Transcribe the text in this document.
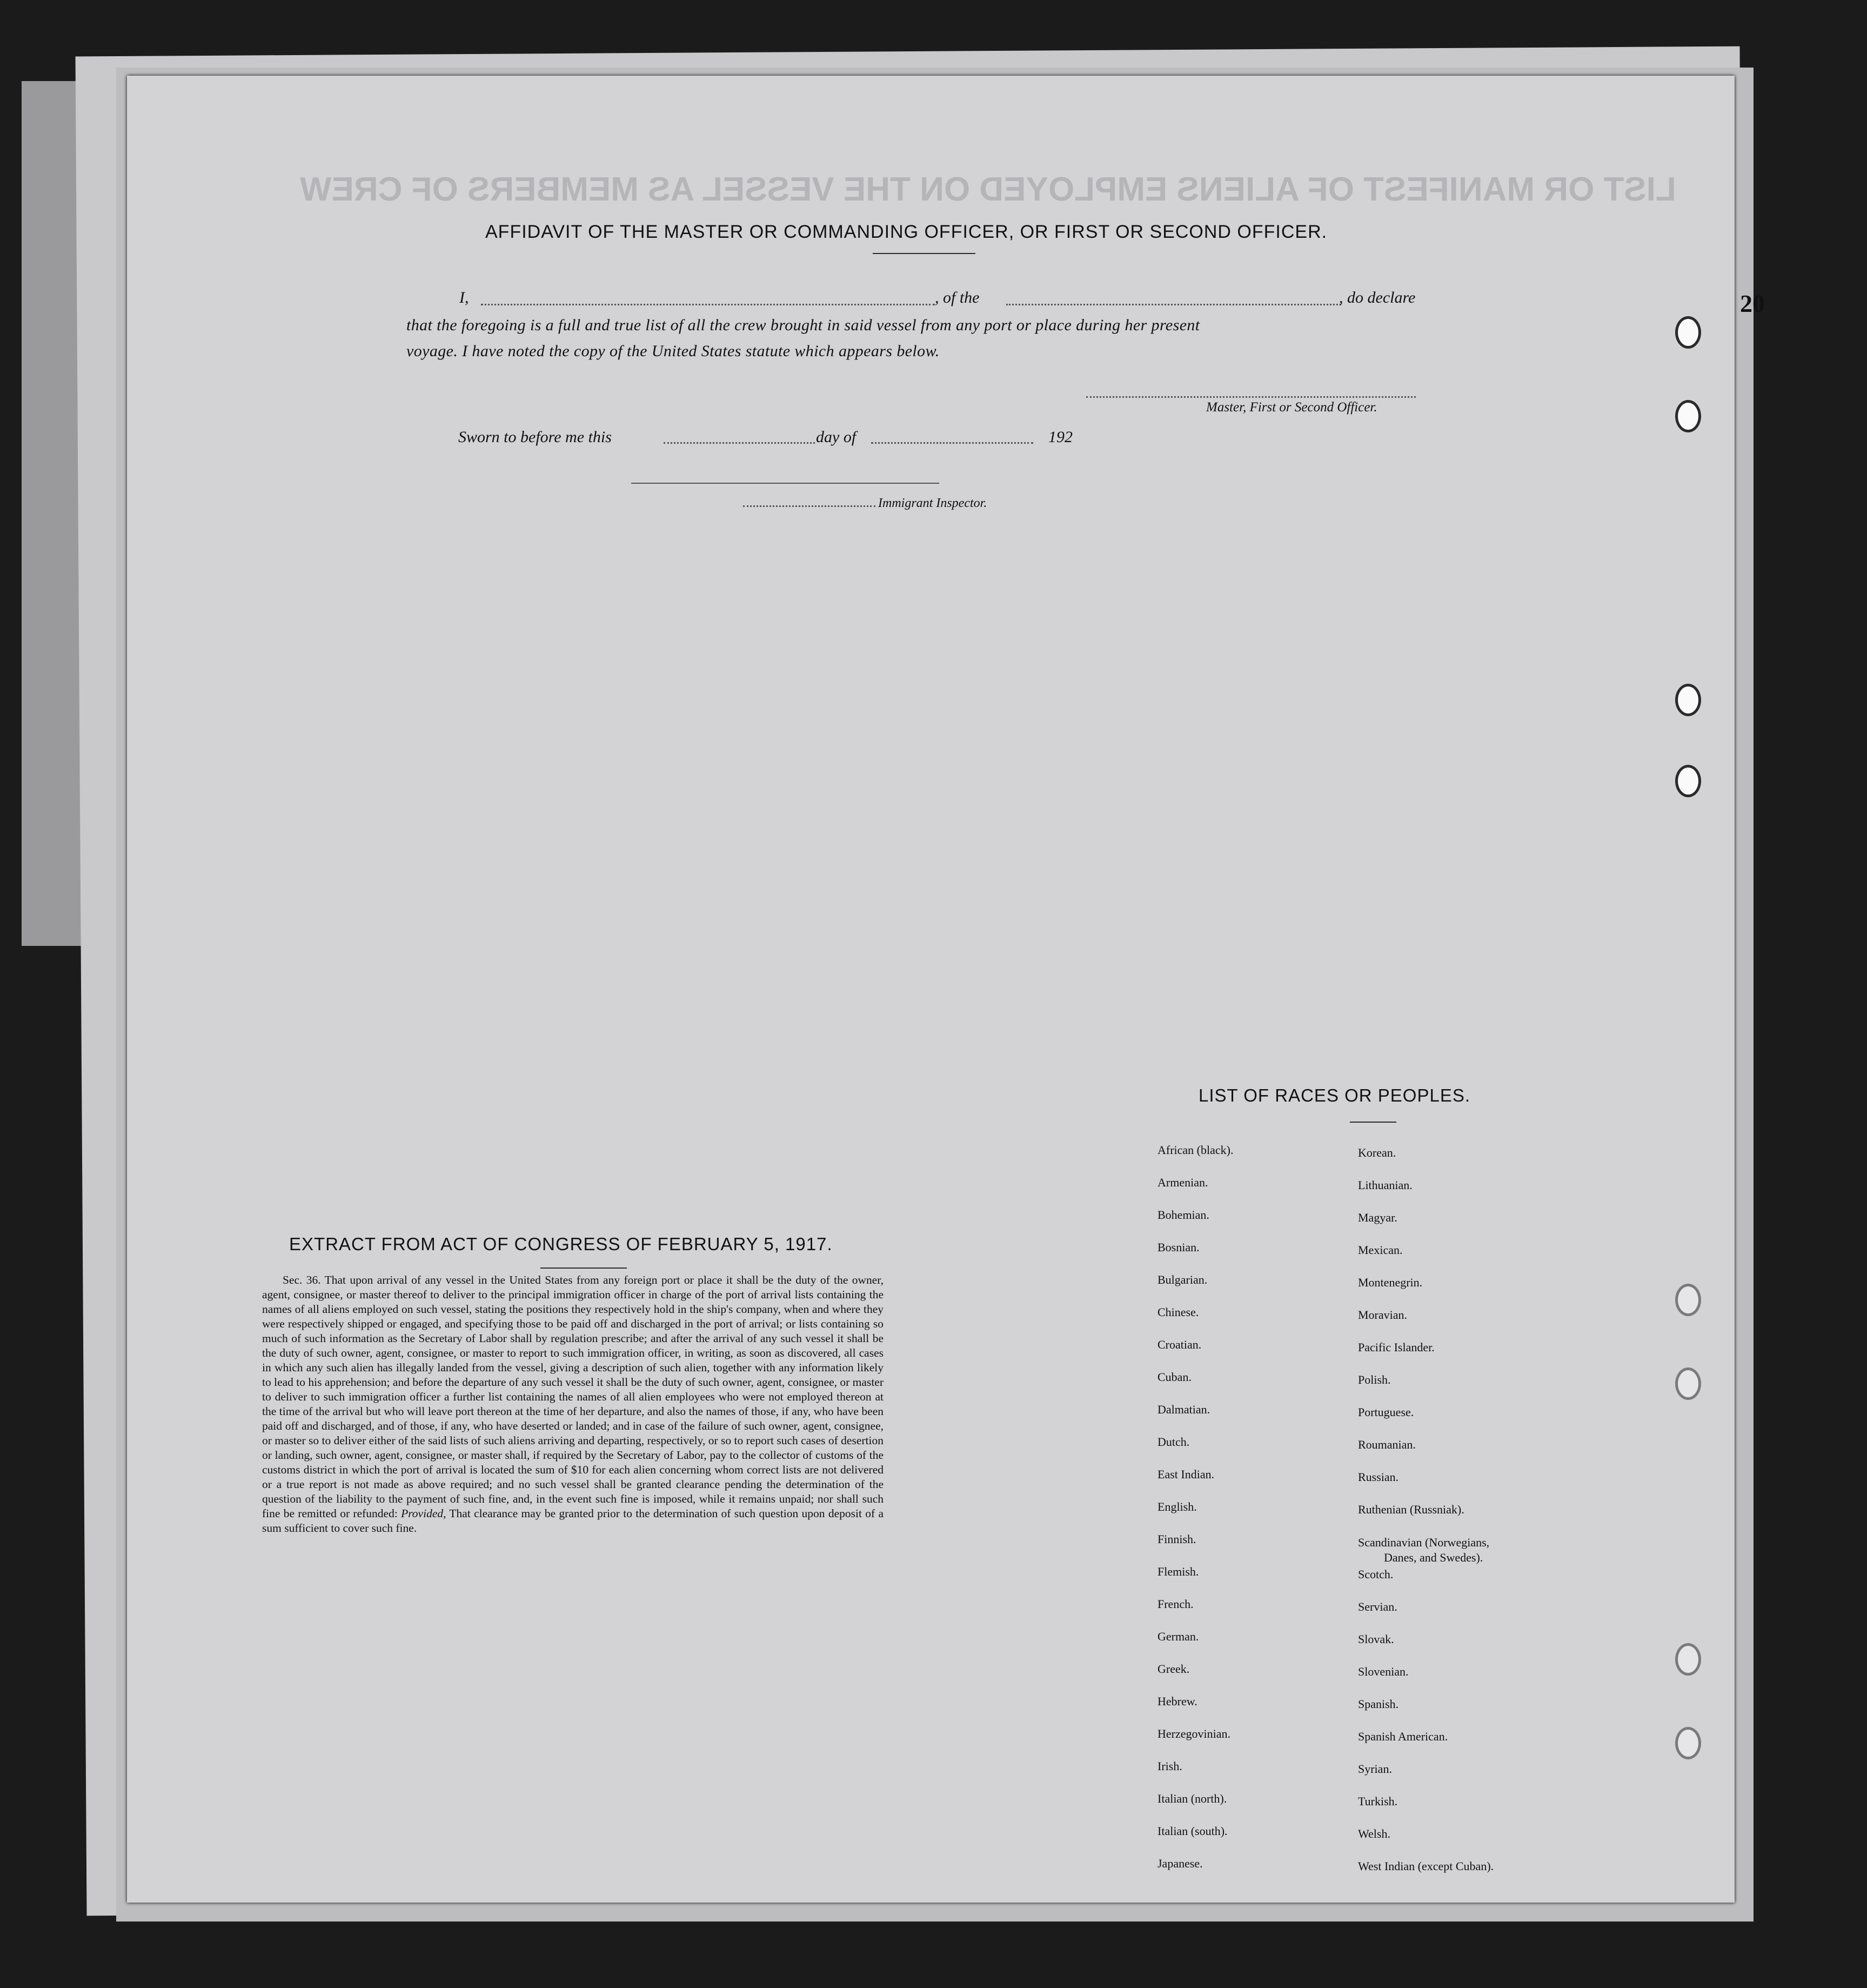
20
LIST OR MANIFEST OF ALIENS EMPLOYED ON THE VESSEL AS MEMBERS OF CREW
AFFIDAVIT OF THE MASTER OR COMMANDING OFFICER, OR FIRST OR SECOND OFFICER.
I,	, of the	, do declare
that the foregoing is a full and true list of all the crew brought in said vessel from any port or place during her present
voyage. I have noted the copy of the United States statute which appears below.
Master, First or Second Officer.
Sworn to before me this	day of	192
Immigrant Inspector.
EXTRACT FROM ACT OF CONGRESS OF FEBRUARY 5, 1917.
Sec. 36. That upon arrival of any vessel in the United States from any foreign port or place it shall be the duty of the owner, agent, consignee, or master thereof to deliver to the principal immigration officer in charge of the port of arrival lists containing the names of all aliens employed on such vessel, stating the positions they respectively hold in the ship's company, when and where they were respectively shipped or engaged, and specifying those to be paid off and discharged in the port of arrival; or lists containing so much of such information as the Secretary of Labor shall by regulation prescribe; and after the arrival of any such vessel it shall be the duty of such owner, agent, consignee, or master to report to such immigration officer, in writing, as soon as discovered, all cases in which any such alien has illegally landed from the vessel, giving a description of such alien, together with any information likely to lead to his apprehension; and before the departure of any such vessel it shall be the duty of such owner, agent, consignee, or master to deliver to such immigration officer a further list containing the names of all alien employees who were not employed thereon at the time of the arrival but who will leave port thereon at the time of her departure, and also the names of those, if any, who have been paid off and discharged, and of those, if any, who have deserted or landed; and in case of the failure of such owner, agent, consignee, or master so to deliver either of the said lists of such aliens arriving and departing, respectively, or so to report such cases of desertion or landing, such owner, agent, consignee, or master shall, if required by the Secretary of Labor, pay to the collector of customs of the customs district in which the port of arrival is located the sum of $10 for each alien concerning whom correct lists are not delivered or a true report is not made as above required; and no such vessel shall be granted clearance pending the determination of the question of the liability to the payment of such fine, and, in the event such fine is imposed, while it remains unpaid; nor shall such fine be remitted or refunded: Provided, That clearance may be granted prior to the determination of such question upon deposit of a sum sufficient to cover such fine.
LIST OF RACES OR PEOPLES.
African (black).
Armenian.
Bohemian.
Bosnian.
Bulgarian.
Chinese.
Croatian.
Cuban.
Dalmatian.
Dutch.
East Indian.
English.
Finnish.
Flemish.
French.
German.
Greek.
Hebrew.
Herzegovinian.
Irish.
Italian (north).
Italian (south).
Japanese.
Korean.
Lithuanian.
Magyar.
Mexican.
Montenegrin.
Moravian.
Pacific Islander.
Polish.
Portuguese.
Roumanian.
Russian.
Ruthenian (Russniak).
Scandinavian (Norwegians,
Danes, and Swedes).
Scotch.
Servian.
Slovak.
Slovenian.
Spanish.
Spanish American.
Syrian.
Turkish.
Welsh.
West Indian (except Cuban).
